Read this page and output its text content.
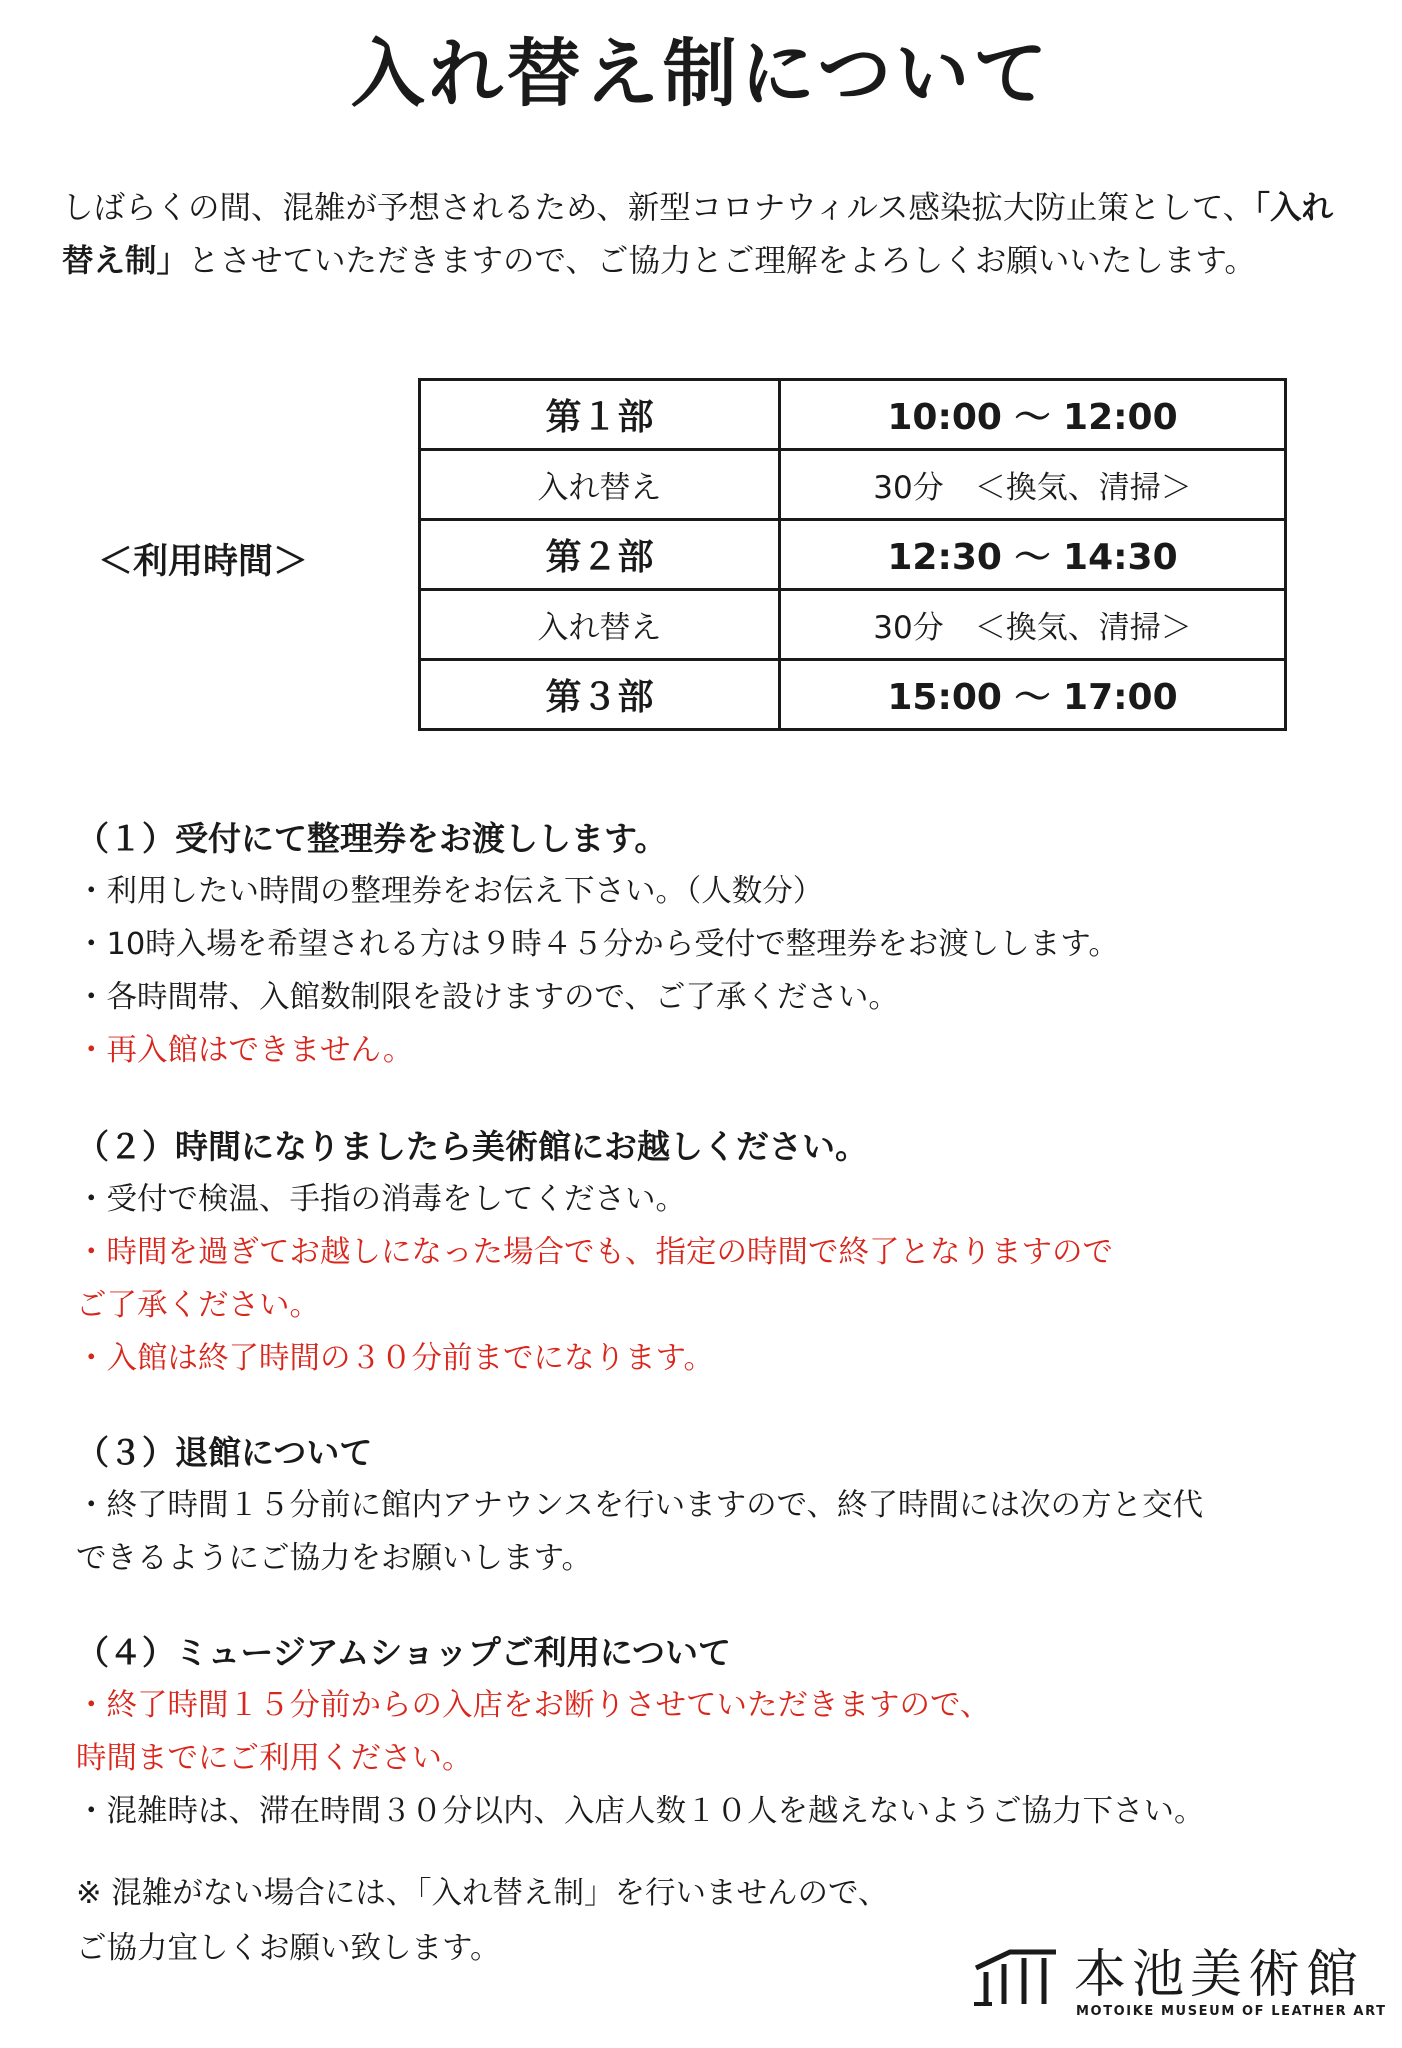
入れ替え制について
しばらくの間、混雑が予想されるため、新型コロナウィルス感染拡大防止策として、「入れ替え制」とさせていただきますので、ご協力とご理解をよろしくお願いいたします。
＜利用時間＞
第１部	10:00 ～ 12:00
入れ替え	30分　＜換気、清掃＞
第２部	12:30 ～ 14:30
入れ替え	30分　＜換気、清掃＞
第３部	15:00 ～ 17:00

（１）受付にて整理券をお渡しします。

・利用したい時間の整理券をお伝え下さい。（人数分）

・10時入場を希望される方は９時４５分から受付で整理券をお渡しします。

・各時間帯、入館数制限を設けますので、ご了承ください。

・再入館はできません。

（２）時間になりましたら美術館にお越しください。

・受付で検温、手指の消毒をしてください。

・時間を過ぎてお越しになった場合でも、指定の時間で終了となりますので

ご了承ください。

・入館は終了時間の３０分前までになります。

（３）退館について

・終了時間１５分前に館内アナウンスを行いますので、終了時間には次の方と交代

できるようにご協力をお願いします。

（４）ミュージアムショップご利用について

・終了時間１５分前からの入店をお断りさせていただきますので、

時間までにご利用ください。

・混雑時は、滞在時間３０分以内、入店人数１０人を越えないようご協力下さい。

※ 混雑がない場合には、「入れ替え制」を行いませんので、
ご協力宜しくお願い致します。	本池美術館
MOTOIKE MUSEUM OF LEATHER ART
